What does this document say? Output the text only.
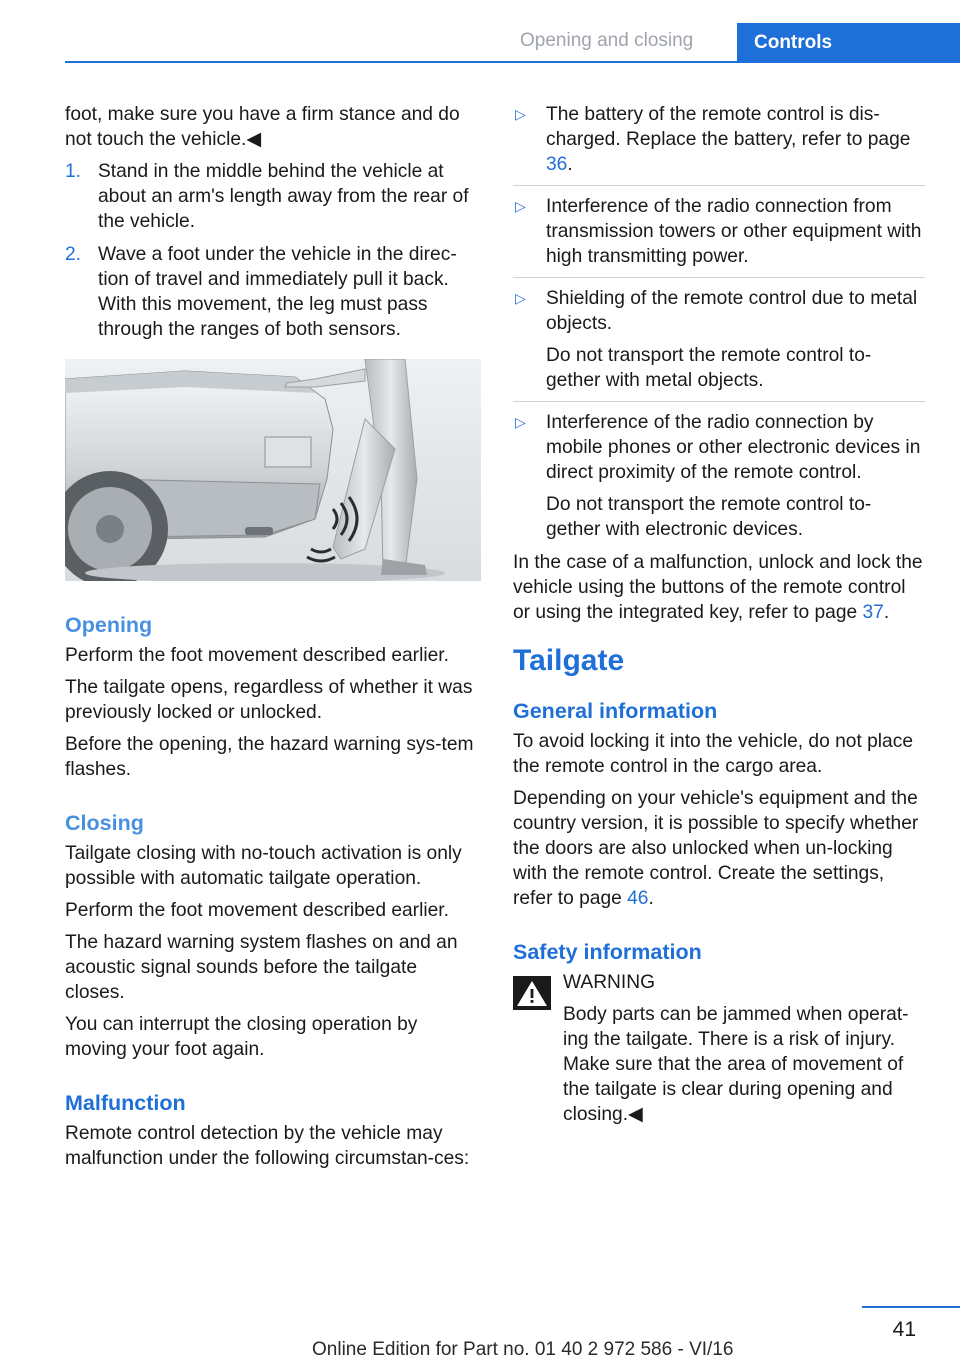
Opening and closing	Controls

foot, make sure you have a firm stance and do not touch the vehicle.◀

1. Stand in the middle behind the vehicle at about an arm's length away from the rear of the vehicle.
2. Wave a foot under the vehicle in the direc‐tion of travel and immediately pull it back. With this movement, the leg must pass through the ranges of both sensors.
Opening

Perform the foot movement described earlier.

The tailgate opens, regardless of whether it was previously locked or unlocked.

Before the opening, the hazard warning sys‐tem flashes.

Closing

Tailgate closing with no-touch activation is only possible with automatic tailgate operation.

Perform the foot movement described earlier.

The hazard warning system flashes on and an acoustic signal sounds before the tailgate closes.

You can interrupt the closing operation by moving your foot again.

Malfunction

Remote control detection by the vehicle may malfunction under the following circumstan‐ces:

▷ The battery of the remote control is dis‐charged. Replace the battery, refer to page 36.
▷ Interference of the radio connection from transmission towers or other equipment with high transmitting power.
▷ Shielding of the remote control due to metal objects.
Do not transport the remote control to‐gether with metal objects.
▷ Interference of the radio connection by mobile phones or other electronic devices in direct proximity of the remote control.
Do not transport the remote control to‐gether with electronic devices.

In the case of a malfunction, unlock and lock the vehicle using the buttons of the remote control or using the integrated key, refer to page 37.

Tailgate
General information

To avoid locking it into the vehicle, do not place the remote control in the cargo area.

Depending on your vehicle's equipment and the country version, it is possible to specify whether the doors are also unlocked when un‐locking with the remote control. Create the settings, refer to page 46.

Safety information
WARNING
Body parts can be jammed when operat‐ing the tailgate. There is a risk of injury. Make sure that the area of movement of the tailgate is clear during opening and closing.◀
41
Online Edition for Part no. 01 40 2 972 586 - VI/16
